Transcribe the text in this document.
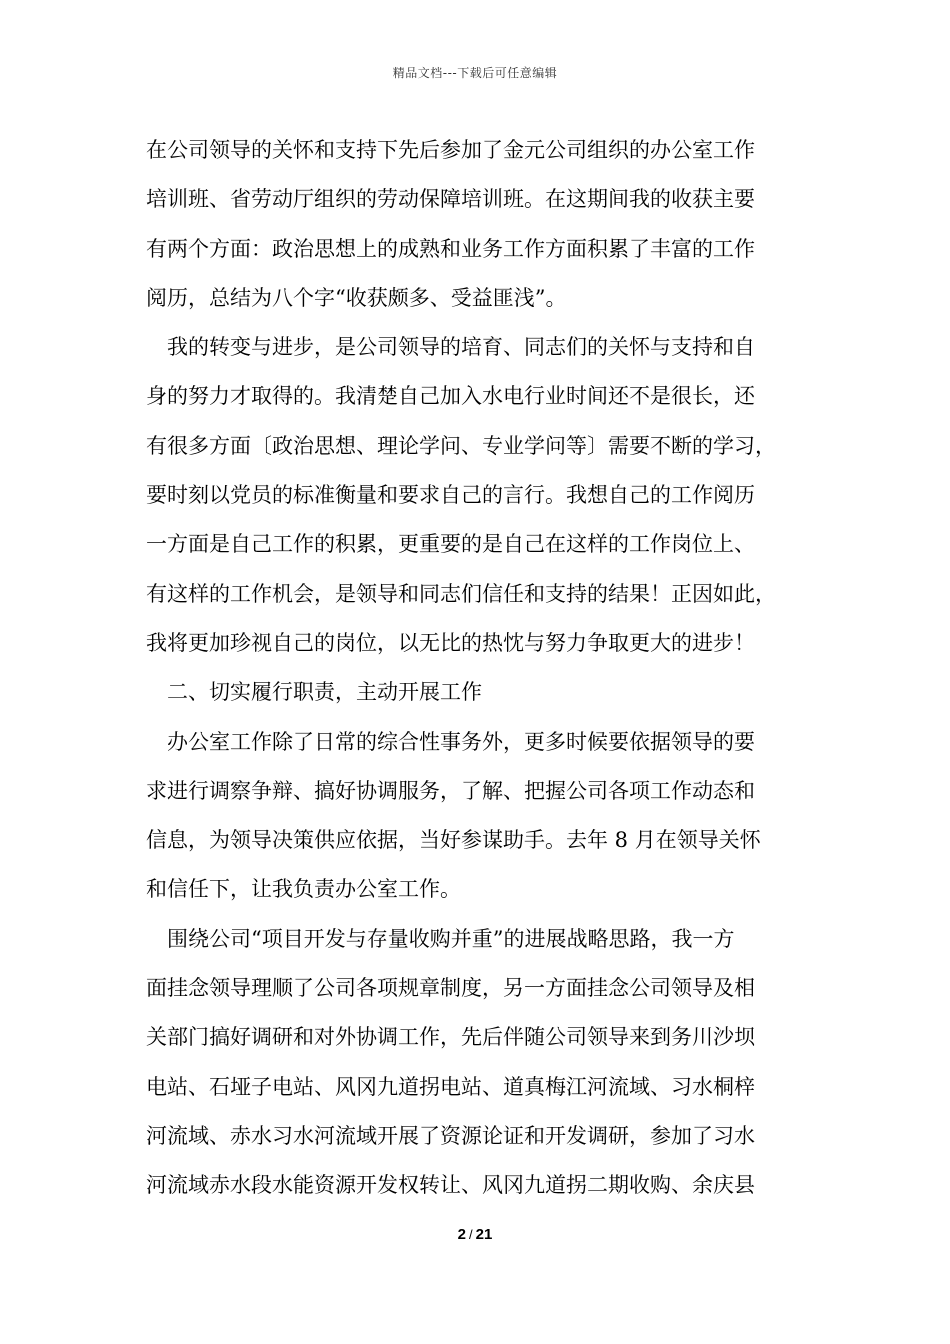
精品文档---下载后可任意编辑
在公司领导的关怀和支持下先后参加了金元公司组织的办公室工作
培训班、省劳动厅组织的劳动保障培训班。在这期间我的收获主要
有两个方面：政治思想上的成熟和业务工作方面积累了丰富的工作
阅历，总结为八个字“收获颇多、受益匪浅”。
我的转变与进步，是公司领导的培育、同志们的关怀与支持和自
身的努力才取得的。我清楚自己加入水电行业时间还不是很长，还
有很多方面〔政治思想、理论学问、专业学问等〕需要不断的学习，
要时刻以党员的标准衡量和要求自己的言行。我想自己的工作阅历
一方面是自己工作的积累，更重要的是自己在这样的工作岗位上、
有这样的工作机会，是领导和同志们信任和支持的结果！正因如此，
我将更加珍视自己的岗位，以无比的热忱与努力争取更大的进步！
二、切实履行职责，主动开展工作
办公室工作除了日常的综合性事务外，更多时候要依据领导的要
求进行调察争辩、搞好协调服务，了解、把握公司各项工作动态和
信息，为领导决策供应依据，当好参谋助手。去年 8 月在领导关怀
和信任下，让我负责办公室工作。
围绕公司“项目开发与存量收购并重”的进展战略思路，我一方
面挂念领导理顺了公司各项规章制度，另一方面挂念公司领导及相
关部门搞好调研和对外协调工作，先后伴随公司领导来到务川沙坝
电站、石垭子电站、风冈九道拐电站、道真梅江河流域、习水桐梓
河流域、赤水习水河流域开展了资源论证和开发调研，参加了习水
河流域赤水段水能资源开发权转让、风冈九道拐二期收购、余庆县
2 / 21
